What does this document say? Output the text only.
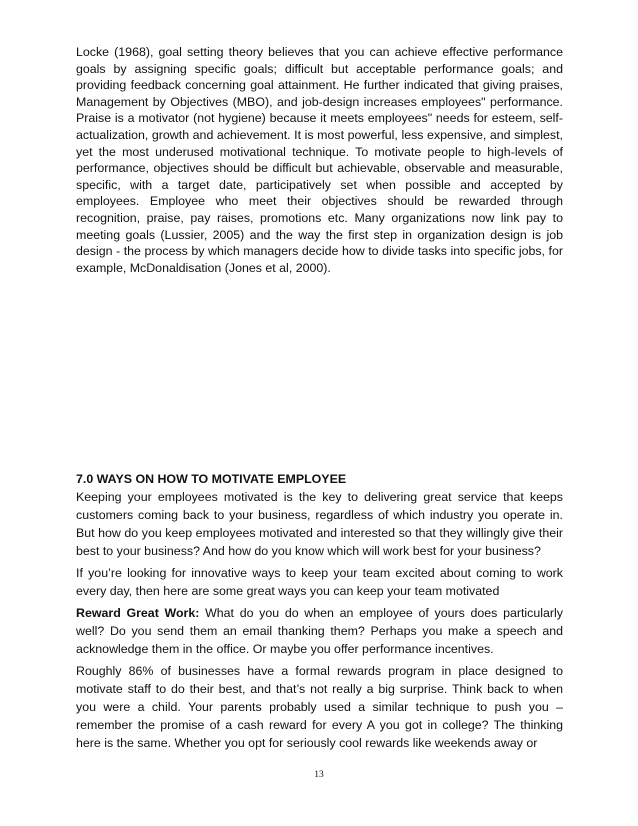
Locke (1968), goal setting theory believes that you can achieve effective performance goals by assigning specific goals; difficult but acceptable performance goals; and providing feedback concerning goal attainment. He further indicated that giving praises, Management by Objectives (MBO), and job-design increases employees" performance. Praise is a motivator (not hygiene) because it meets employees" needs for esteem, self-actualization, growth and achievement. It is most powerful, less expensive, and simplest, yet the most underused motivational technique. To motivate people to high-levels of performance, objectives should be difficult but achievable, observable and measurable, specific, with a target date, participatively set when possible and accepted by employees. Employee who meet their objectives should be rewarded through recognition, praise, pay raises, promotions etc. Many organizations now link pay to meeting goals (Lussier, 2005) and the way the first step in organization design is job design - the process by which managers decide how to divide tasks into specific jobs, for example, McDonaldisation (Jones et al, 2000).

7.0 WAYS ON HOW TO MOTIVATE EMPLOYEE

Keeping your employees motivated is the key to delivering great service that keeps customers coming back to your business, regardless of which industry you operate in. But how do you keep employees motivated and interested so that they willingly give their best to your business? And how do you know which will work best for your business?

If you’re looking for innovative ways to keep your team excited about coming to work every day, then here are some great ways you can keep your team motivated

Reward Great Work: What do you do when an employee of yours does particularly well? Do you send them an email thanking them? Perhaps you make a speech and acknowledge them in the office. Or maybe you offer performance incentives.

Roughly 86% of businesses have a formal rewards program in place designed to motivate staff to do their best, and that’s not really a big surprise. Think back to when you were a child. Your parents probably used a similar technique to push you – remember the promise of a cash reward for every A you got in college? The thinking here is the same. Whether you opt for seriously cool rewards like weekends away or

13
